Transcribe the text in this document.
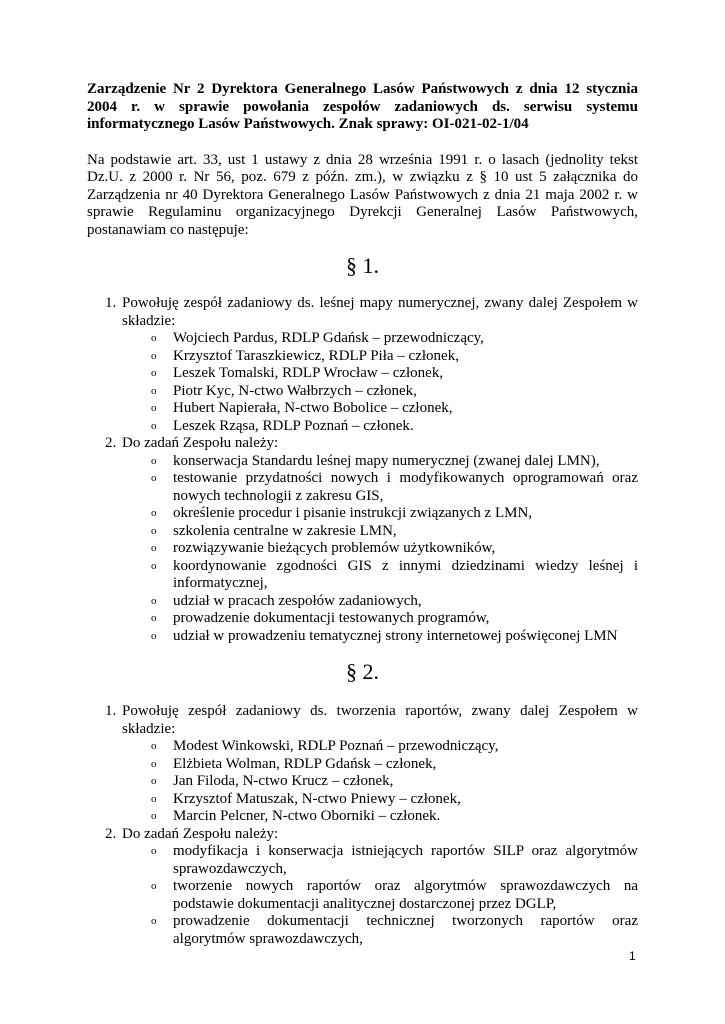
Zarządzenie Nr 2 Dyrektora Generalnego Lasów Państwowych z dnia 12 stycznia 2004 r. w sprawie powołania zespołów zadaniowych ds. serwisu systemu informatycznego Lasów Państwowych. Znak sprawy: OI-021-02-1/04

Na podstawie art. 33, ust 1 ustawy z dnia 28 września 1991 r. o lasach (jednolity tekst Dz.U. z 2000 r. Nr 56, poz. 679 z późn. zm.), w związku z § 10 ust 5 załącznika do Zarządzenia nr 40 Dyrektora Generalnego Lasów Państwowych z dnia 21 maja 2002 r. w sprawie Regulaminu organizacyjnego Dyrekcji Generalnej Lasów Państwowych, postanawiam co następuje:

§ 1.
1. Powołuję zespół zadaniowy ds. leśnej mapy numerycznej, zwany dalej Zespołem w składzie:
o Wojciech Pardus, RDLP Gdańsk – przewodniczący,
o Krzysztof Taraszkiewicz, RDLP Piła – członek,
o Leszek Tomalski, RDLP Wrocław – członek,
o Piotr Kyc, N-ctwo Wałbrzych – członek,
o Hubert Napierała, N-ctwo Bobolice – członek,
o Leszek Rząsa, RDLP Poznań – członek.
2. Do zadań Zespołu należy:
o konserwacja Standardu leśnej mapy numerycznej (zwanej dalej LMN),
o testowanie przydatności nowych i modyfikowanych oprogramowań oraz nowych technologii z zakresu GIS,
o określenie procedur i pisanie instrukcji związanych z LMN,
o szkolenia centralne w zakresie LMN,
o rozwiązywanie bieżących problemów użytkowników,
o koordynowanie zgodności GIS z innymi dziedzinami wiedzy leśnej i informatycznej,
o udział w pracach zespołów zadaniowych,
o prowadzenie dokumentacji testowanych programów,
o udział w prowadzeniu tematycznej strony internetowej poświęconej LMN
§ 2.
1. Powołuję zespół zadaniowy ds. tworzenia raportów, zwany dalej Zespołem w składzie:
o Modest Winkowski, RDLP Poznań – przewodniczący,
o Elżbieta Wolman, RDLP Gdańsk – członek,
o Jan Filoda, N-ctwo Krucz – członek,
o Krzysztof Matuszak, N-ctwo Pniewy – członek,
o Marcin Pelcner, N-ctwo Oborniki – członek.
2. Do zadań Zespołu należy:
o modyfikacja i konserwacja istniejących raportów SILP oraz algorytmów sprawozdawczych,
o tworzenie nowych raportów oraz algorytmów sprawozdawczych na podstawie dokumentacji analitycznej dostarczonej przez DGLP,
o prowadzenie dokumentacji technicznej tworzonych raportów oraz algorytmów sprawozdawczych,
1
